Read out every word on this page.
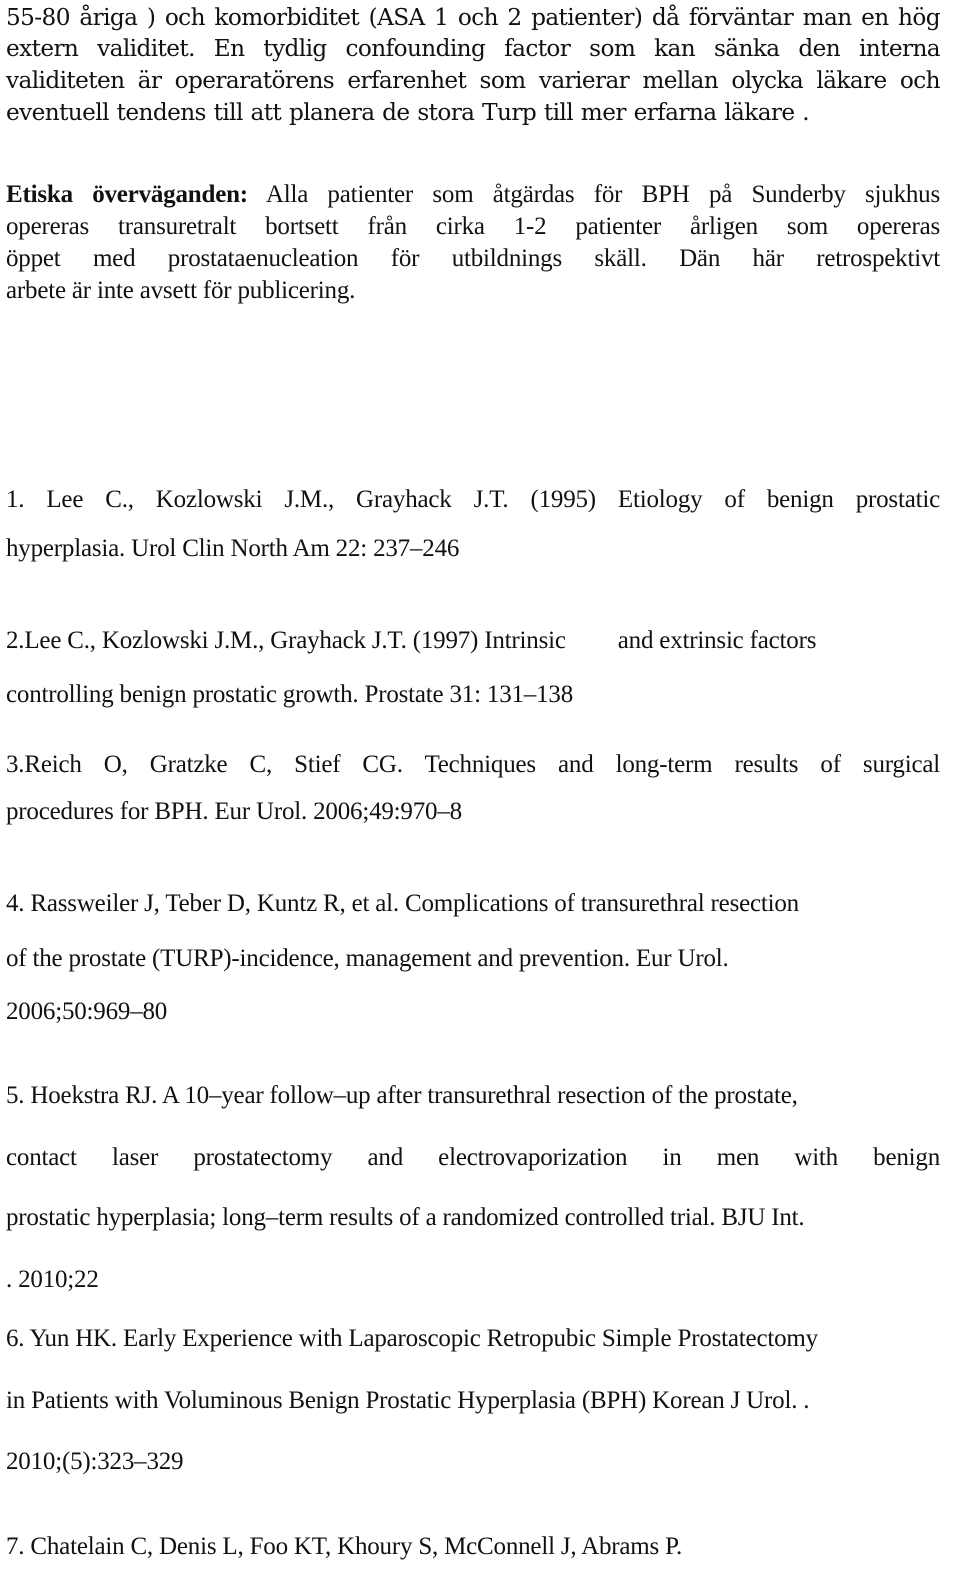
55-80 åriga ) och komorbiditet (ASA 1 och 2 patienter) då förväntar man en hög
extern validitet. En tydlig confounding factor som kan sänka den interna
validiteten är operaratörens erfarenhet som varierar mellan olycka läkare och
eventuell tendens till att planera de stora Turp till mer erfarna läkare .
Etiska överväganden: Alla patienter som åtgärdas för BPH på Sunderby sjukhus
opereras transuretralt bortsett från cirka 1-2 patienter årligen som opereras
öppet med prostataenucleation för utbildnings skäll. Dän här retrospektivt
arbete är inte avsett för publicering.
1. Lee C., Kozlowski J.M., Grayhack J.T. (1995) Etiology of benign prostatic
hyperplasia. Urol Clin North Am 22: 237–246
2.Lee C., Kozlowski J.M., Grayhack J.T. (1997) Intrinsic and extrinsic factors
controlling benign prostatic growth. Prostate 31: 131–138
3.Reich O, Gratzke C, Stief CG. Techniques and long-term results of surgical
procedures for BPH. Eur Urol. 2006;49:970–8
4. Rassweiler J, Teber D, Kuntz R, et al. Complications of transurethral resection
of the prostate (TURP)-incidence, management and prevention. Eur Urol.
2006;50:969–80
5. Hoekstra RJ. A 10–year follow–up after transurethral resection of the prostate,
contact laser prostatectomy and electrovaporization in men with benign
prostatic hyperplasia; long–term results of a randomized controlled trial. BJU Int.
. 2010;22
6. Yun HK. Early Experience with Laparoscopic Retropubic Simple Prostatectomy
in Patients with Voluminous Benign Prostatic Hyperplasia (BPH) Korean J Urol. .
2010;(5):323–329
7. Chatelain C, Denis L, Foo KT, Khoury S, McConnell J, Abrams P.
